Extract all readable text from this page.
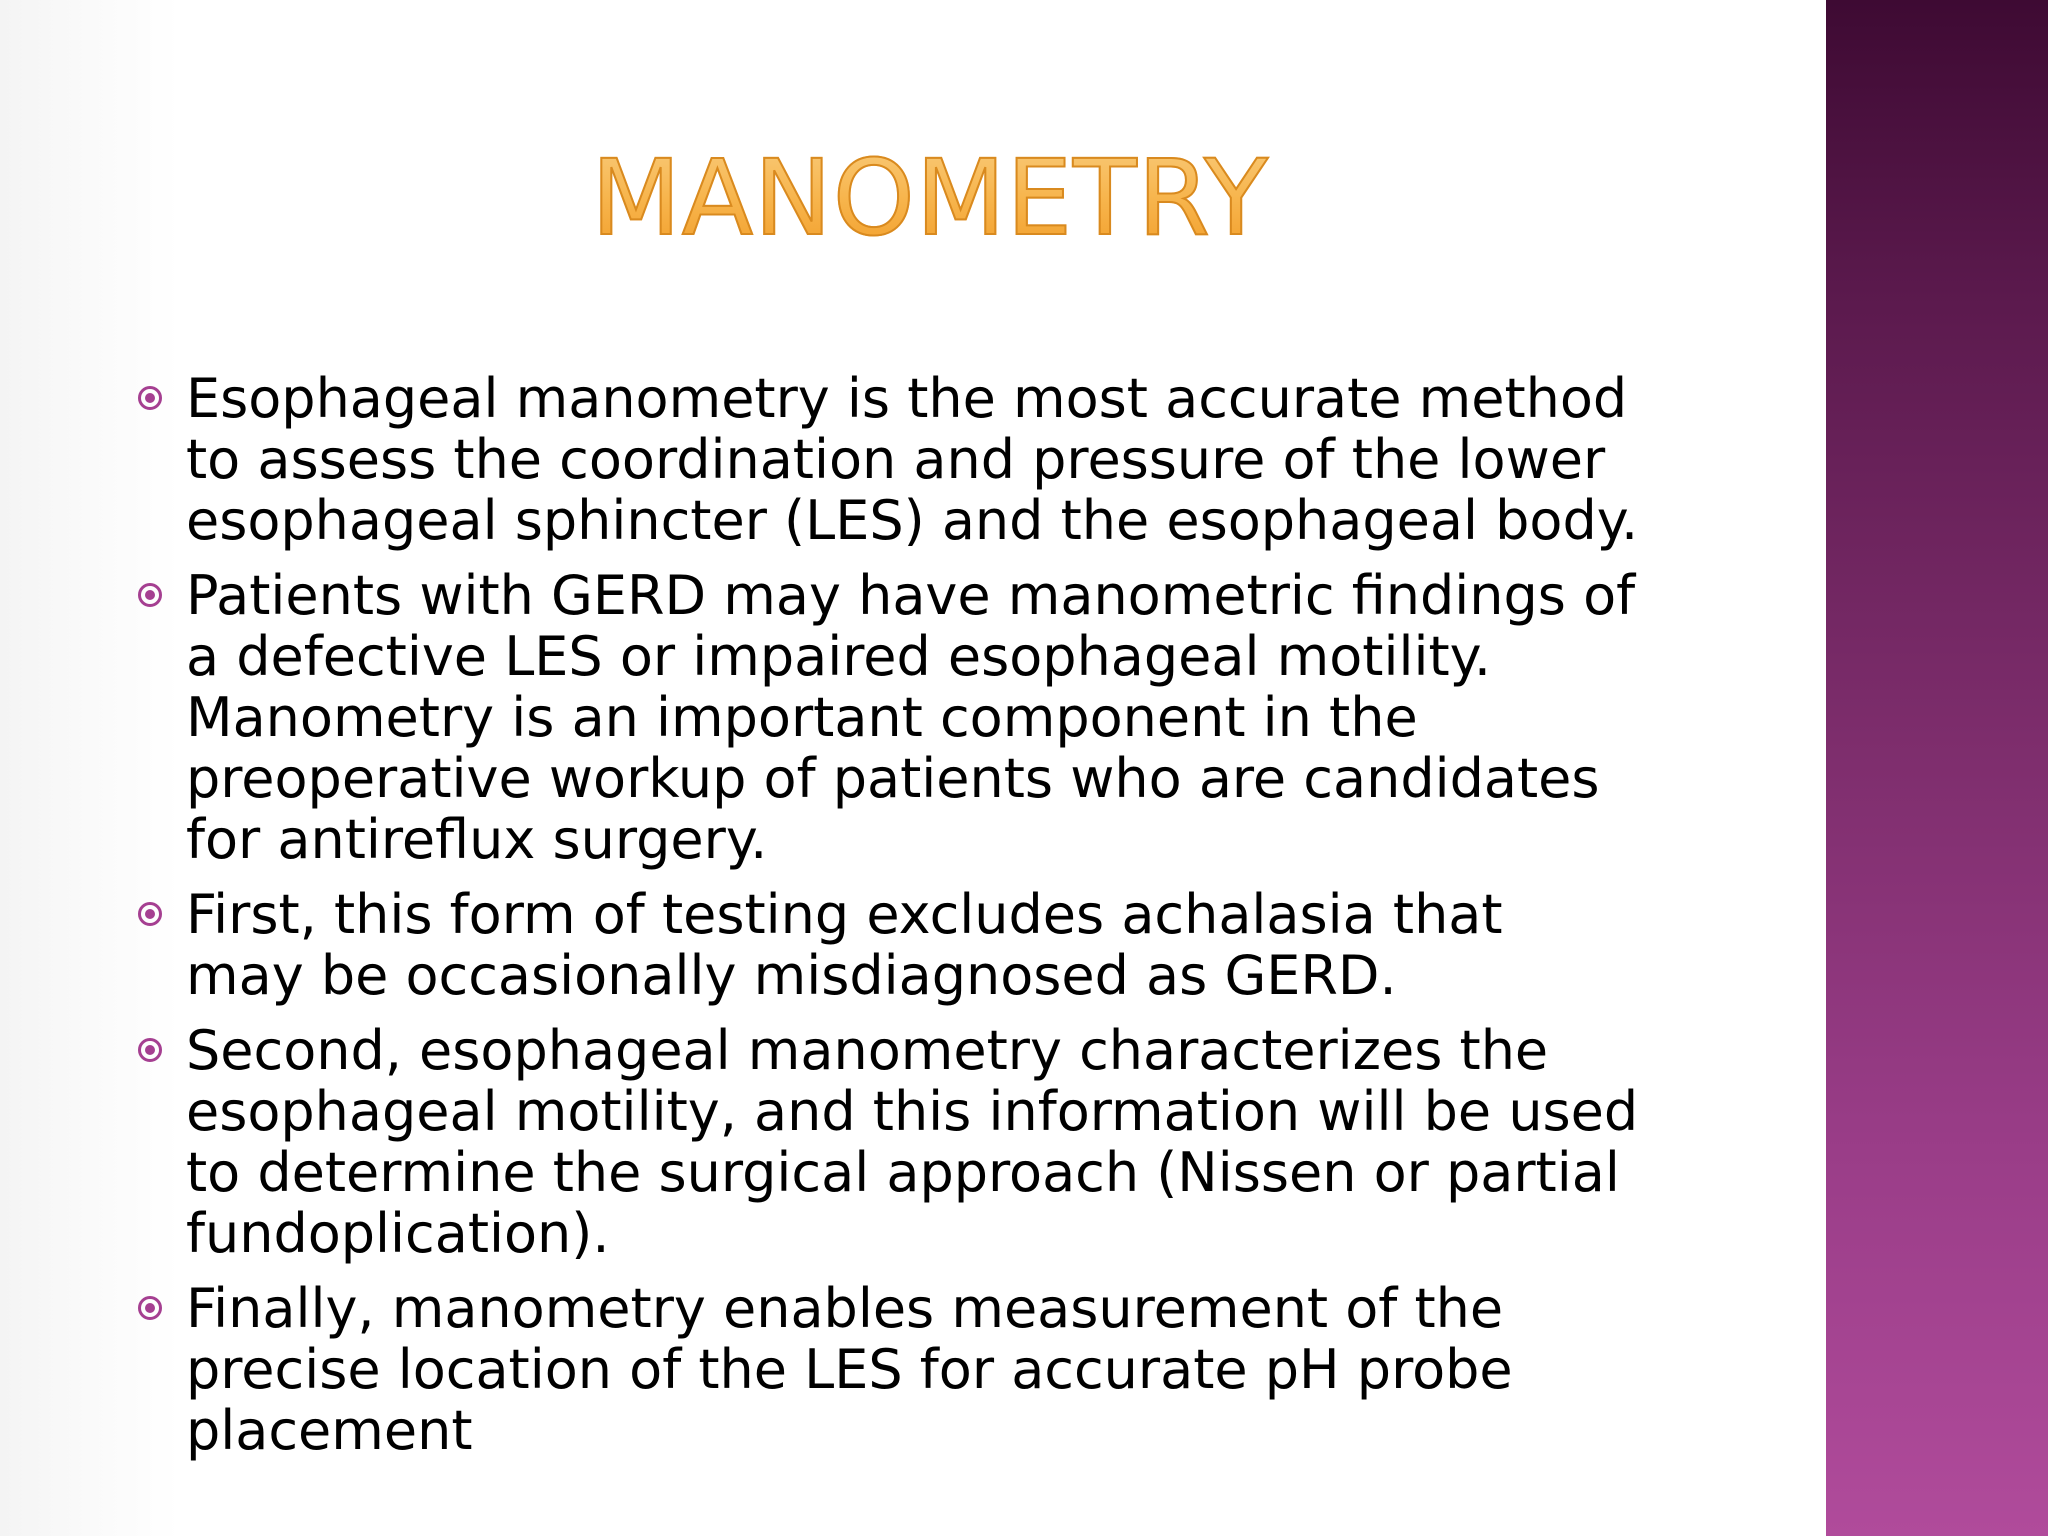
MANOMETRY
Esophageal manometry is the most accurate method
to assess the coordination and pressure of the lower
esophageal sphincter (LES) and the esophageal body.
Patients with GERD may have manometric findings of
a defective LES or impaired esophageal motility.
Manometry is an important component in the
preoperative workup of patients who are candidates
for antireflux surgery.
First, this form of testing excludes achalasia that
may be occasionally misdiagnosed as GERD.
Second, esophageal manometry characterizes the
esophageal motility, and this information will be used
to determine the surgical approach (Nissen or partial
fundoplication).
Finally, manometry enables measurement of the
precise location of the LES for accurate pH probe
placement
